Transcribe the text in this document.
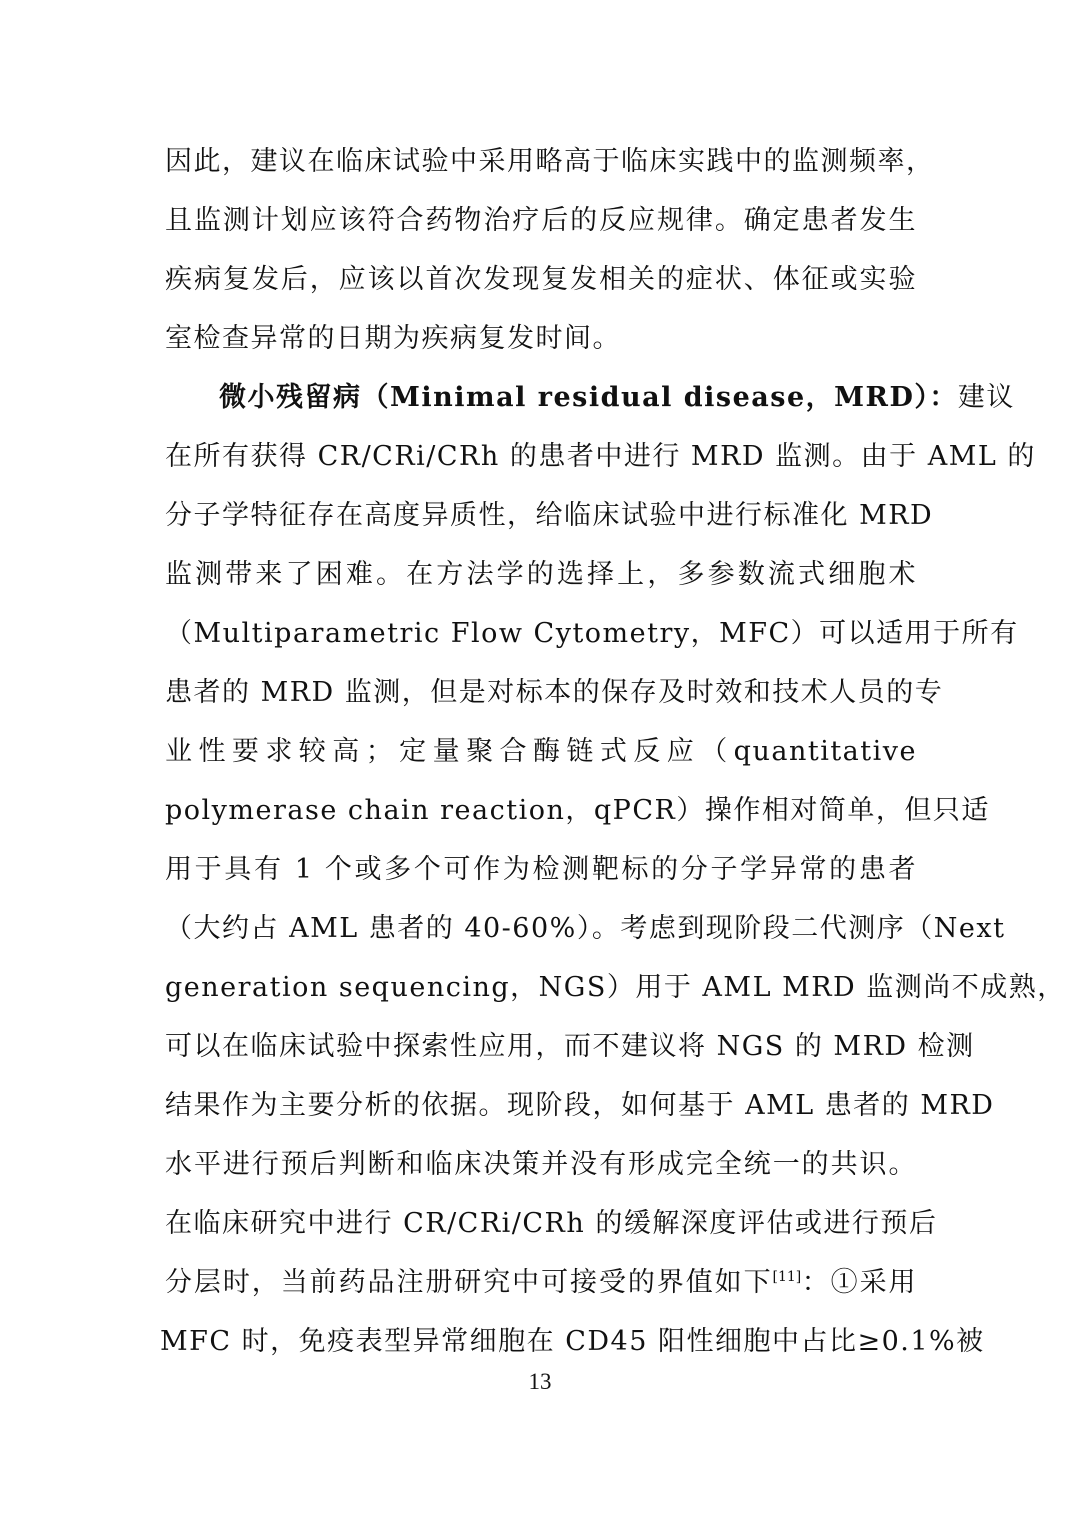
因此，建议在临床试验中采用略高于临床实践中的监测频率，
且监测计划应该符合药物治疗后的反应规律。确定患者发生
疾病复发后，应该以首次发现复发相关的症状、体征或实验
室检查异常的日期为疾病复发时间。
微小残留病（Minimal residual disease，MRD）：建议
在所有获得 CR/CRi/CRh 的患者中进行 MRD 监测。由于 AML 的
分子学特征存在高度异质性，给临床试验中进行标准化 MRD
监测带来了困难。在方法学的选择上，多参数流式细胞术
（Multiparametric Flow Cytometry，MFC）可以适用于所有
患者的 MRD 监测，但是对标本的保存及时效和技术人员的专
业性要求较高；定量聚合酶链式反应（quantitative
polymerase chain reaction，qPCR）操作相对简单，但只适
用于具有 1 个或多个可作为检测靶标的分子学异常的患者
（大约占 AML 患者的 40-60%）。考虑到现阶段二代测序（Next
generation sequencing，NGS）用于 AML MRD 监测尚不成熟，
可以在临床试验中探索性应用，而不建议将 NGS 的 MRD 检测
结果作为主要分析的依据。现阶段，如何基于 AML 患者的 MRD
水平进行预后判断和临床决策并没有形成完全统一的共识。
在临床研究中进行 CR/CRi/CRh 的缓解深度评估或进行预后
分层时，当前药品注册研究中可接受的界值如下[11]：①采用
MFC 时，免疫表型异常细胞在 CD45 阳性细胞中占比≥0.1%被
13
